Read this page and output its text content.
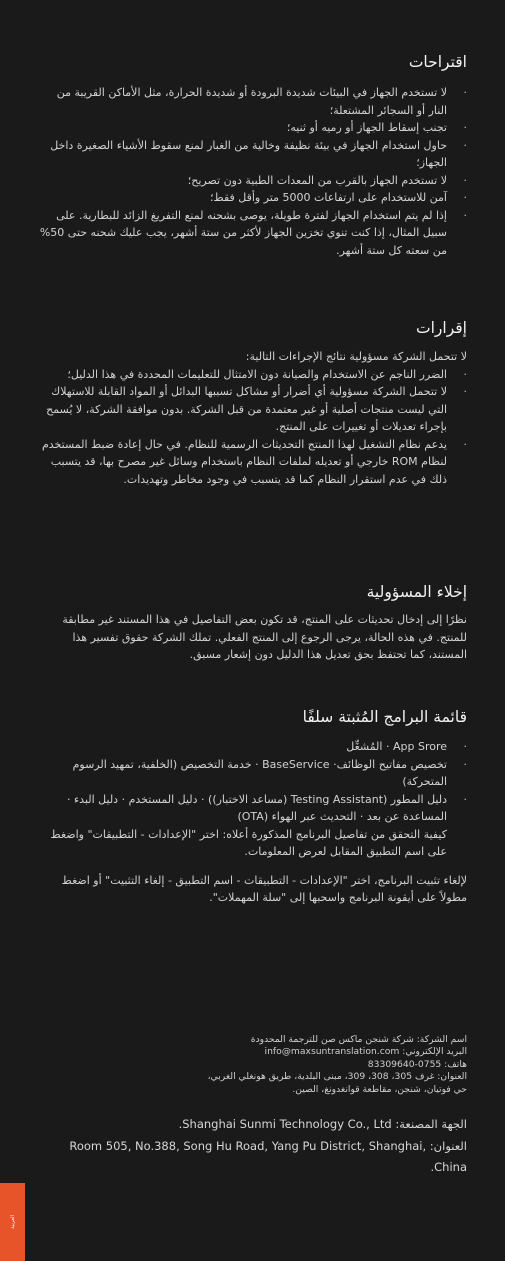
اقتراحات
·
لا تستخدم الجهاز في البيئات شديدة البرودة أو شديدة الحرارة، مثل الأماكن القريبة من النار أو السجائر المشتعلة؛
·
تجنب إسقاط الجهاز أو رميه أو ثنيه؛
·
حاول استخدام الجهاز في بيئة نظيفة وخالية من الغبار لمنع سقوط الأشياء الصغيرة داخل الجهاز؛
·
لا تستخدم الجهاز بالقرب من المعدات الطبية دون تصريح؛
·
آمن للاستخدام على ارتفاعات 5000 متر وأقل فقط؛
·
إذا لم يتم استخدام الجهاز لفترة طويلة، يوصى بشحنه لمنع التفريغ الزائد للبطارية. على سبيل المثال، إذا كنت تنوي تخزين الجهاز لأكثر من ستة أشهر، يجب عليك شحنه حتى 50% من سعته كل ستة أشهر.
إقرارات

لا تتحمل الشركة مسؤولية نتائج الإجراءات التالية:

·
الضرر الناجم عن الاستخدام والصيانة دون الامتثال للتعليمات المحددة في هذا الدليل؛
·
لا تتحمل الشركة مسؤولية أي أضرار أو مشاكل تسببها البدائل أو المواد القابلة للاستهلاك التي ليست منتجات أصلية أو غير معتمدة من قبل الشركة. بدون موافقة الشركة، لا يُسمح بإجراء تعديلات أو تغييرات على المنتج.
·
يدعم نظام التشغيل لهذا المنتج التحديثات الرسمية للنظام. في حال إعادة ضبط المستخدم لنظام ROM خارجي أو تعديله لملفات النظام باستخدام وسائل غير مصرح بها، قد يتسبب ذلك في عدم استقرار النظام كما قد يتسبب في وجود مخاطر وتهديدات.
إخلاء المسؤولية

نظرًا إلى إدخال تحديثات على المنتج، قد تكون بعض التفاصيل في هذا المستند غير مطابقة للمنتج. في هذه الحالة، يرجى الرجوع إلى المنتج الفعلي. تملك الشركة حقوق تفسير هذا المستند، كما تحتفظ بحق تعديل هذا الدليل دون إشعار مسبق.

قائمة البرامج المُثبتة سلفًا
·
App Srore · المُشغِّل
·
تخصيص مفاتيح الوظائف· BaseService · خدمة التخصيص (الخلفية، تمهيد الرسوم المتحركة)
·
دليل المطور (Testing Assistant (مساعد الاختبار)) · دليل المستخدم · دليل البدء · المساعدة عن بعد · التحديث عبر الهواء (OTA)

كيفية التحقق من تفاصيل البرنامج المذكورة أعلاه: اختر "الإعدادات - التطبيقات" واضغط على اسم التطبيق المقابل لعرض المعلومات.

لإلغاء تثبيت البرنامج، اختر "الإعدادات - التطبيقات - اسم التطبيق - إلغاء التثبيت" أو اضغط مطولاً على أيقونة البرنامج واسحبها إلى "سلة المهملات".

اسم الشركة: شركة شنجن ماكس صن للترجمة المحدودة
البريد الإلكتروني: info@maxsuntranslation.com
هاتف: 0755-83309640
العنوان: غرف 305، 308، 309، مبنى البلدية، طريق هونغلي الغربي، حي فوتيان، شنجن، مقاطعة قوانغدونغ، الصين.
الجهة المصنعة: Shanghai Sunmi Technology Co., Ltd.
العنوان: Room 505, No.388, Song Hu Road, Yang Pu District, Shanghai, China.
العربية
